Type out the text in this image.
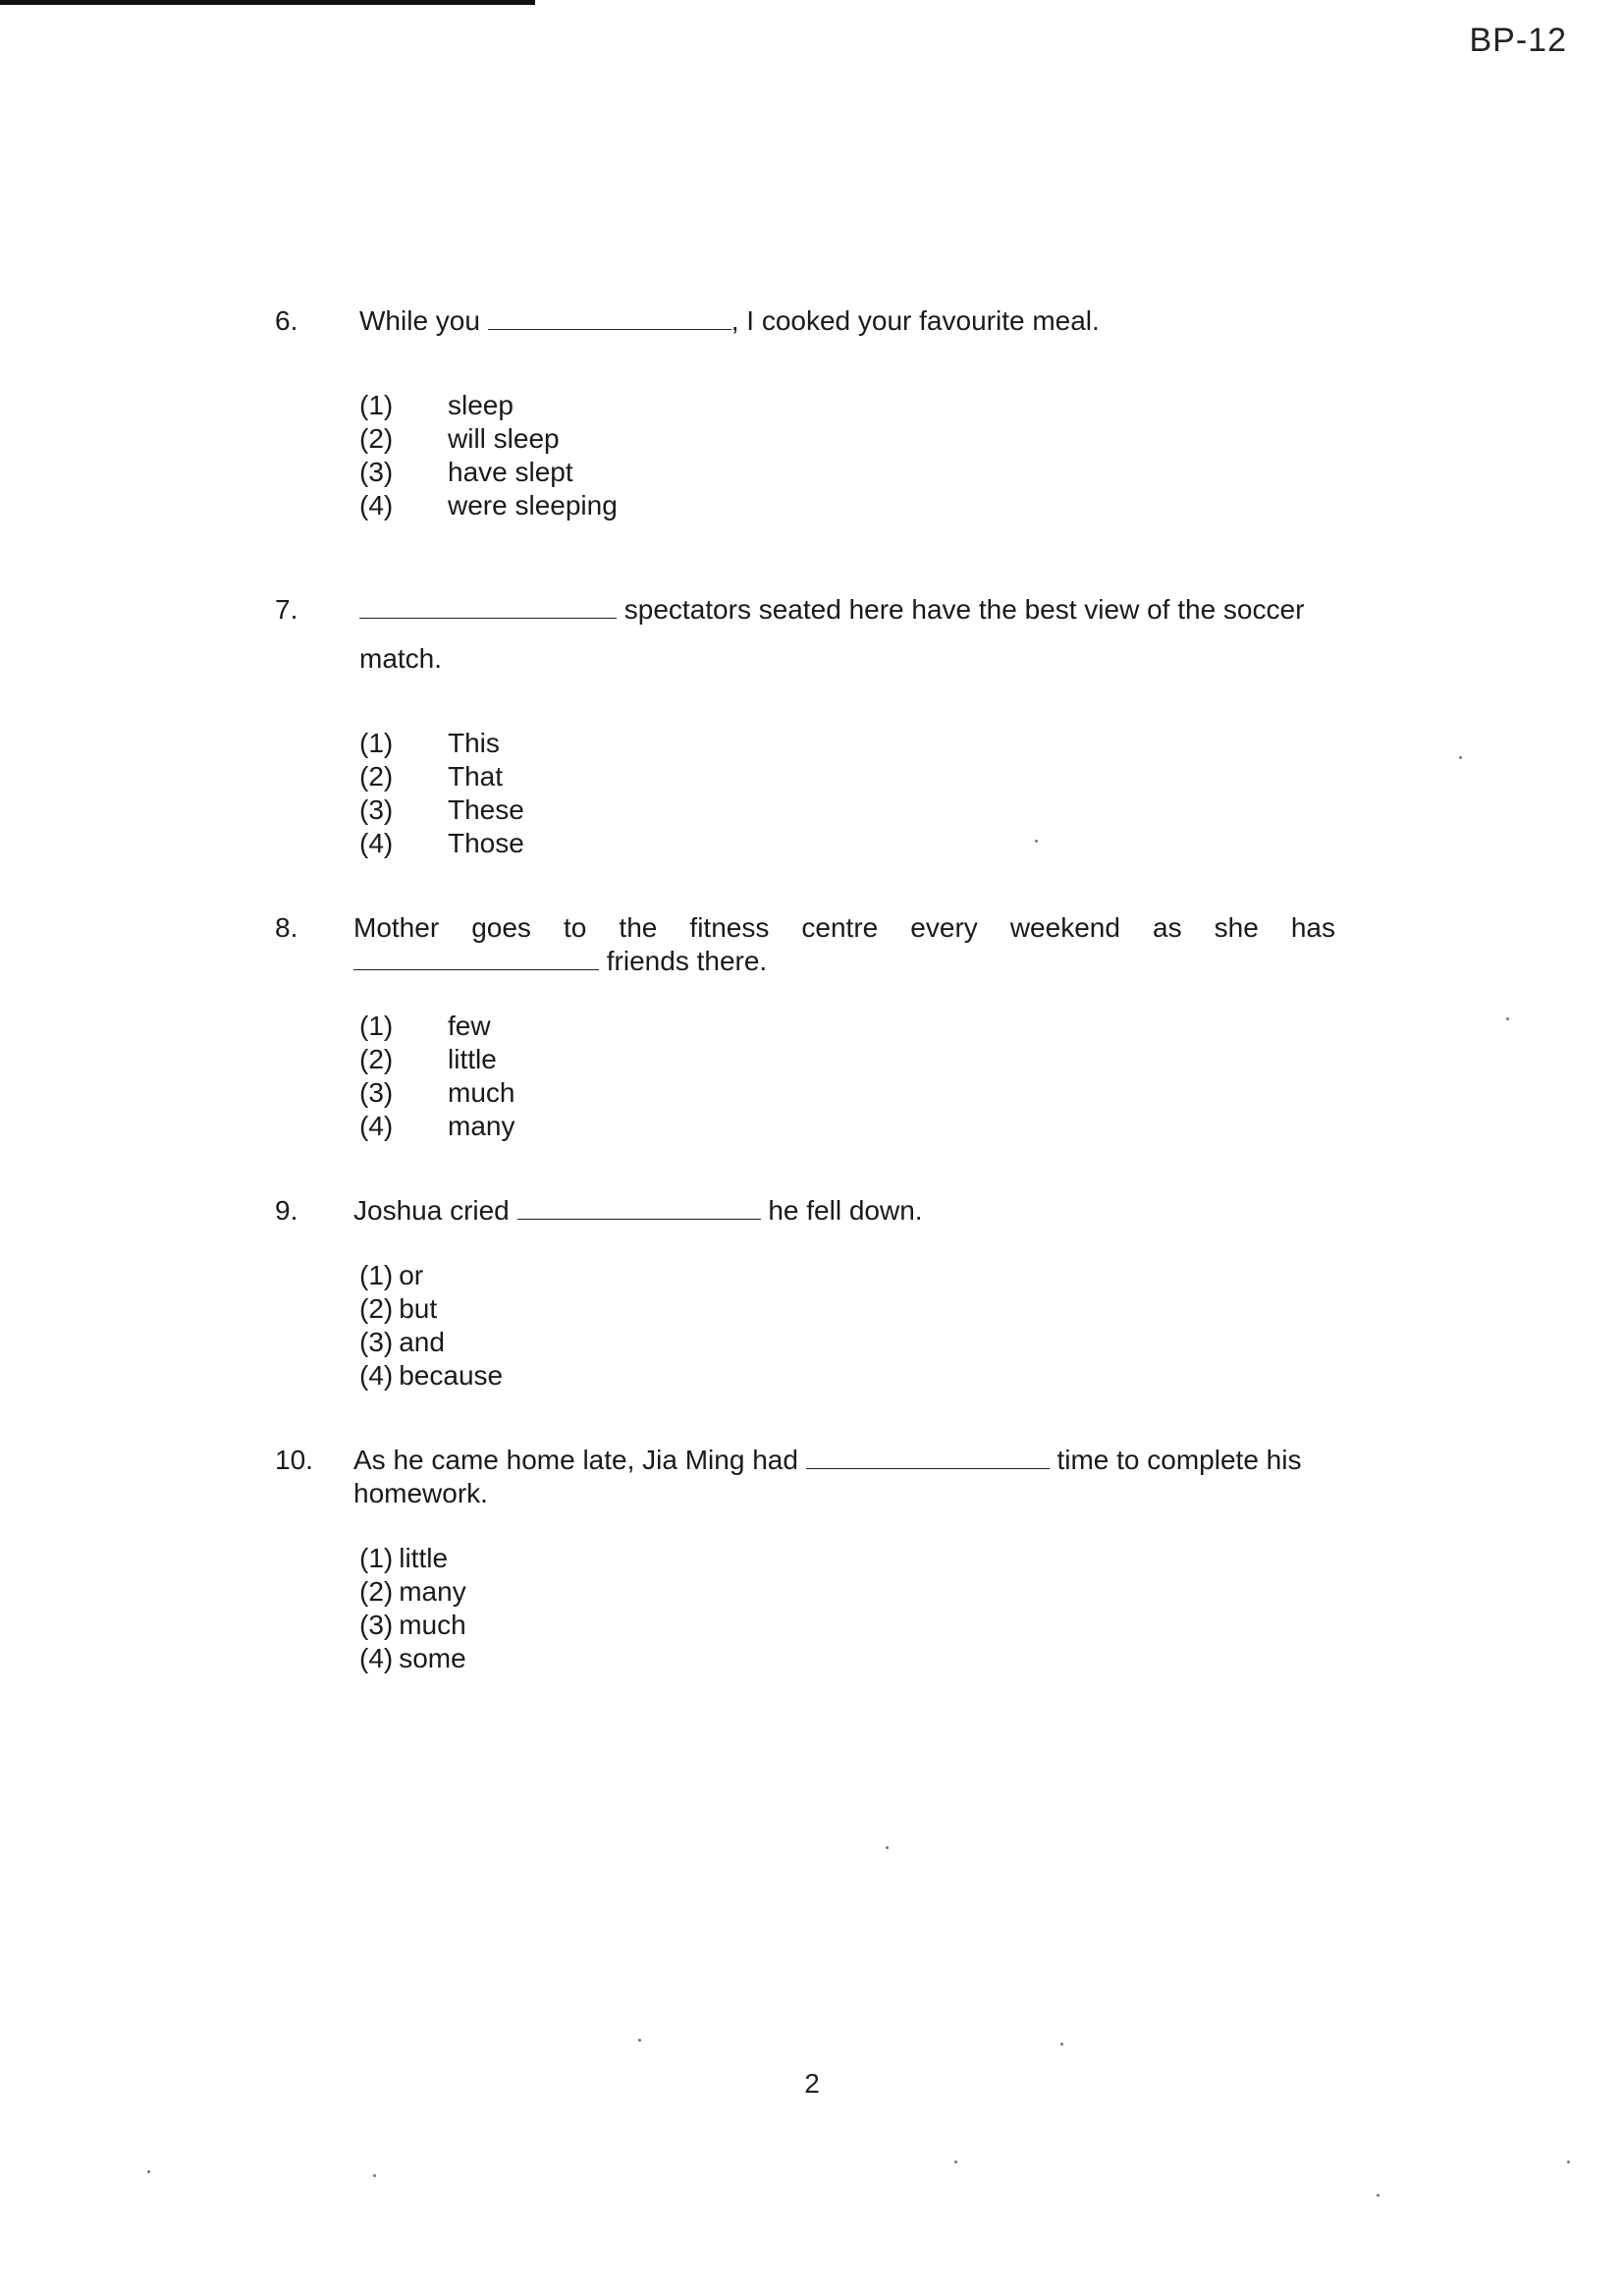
BP-12
6. While you	, I cooked your favourite meal.
(1) sleep
(2) will sleep
(3) have slept
(4) were sleeping
7.	spectators seated here have the best view of the soccer
match.
(1) This
(2) That
(3) These
(4) Those
8. Mother goes to the fitness centre every weekend as she has
friends there.
(1) few
(2) little
(3) much
(4) many
9. Joshua cried	he fell down.
(1) or
(2) but
(3) and
(4) because
10. As he came home late, Jia Ming had	time to complete his
homework.
(1) little
(2) many
(3) much
(4) some
2
